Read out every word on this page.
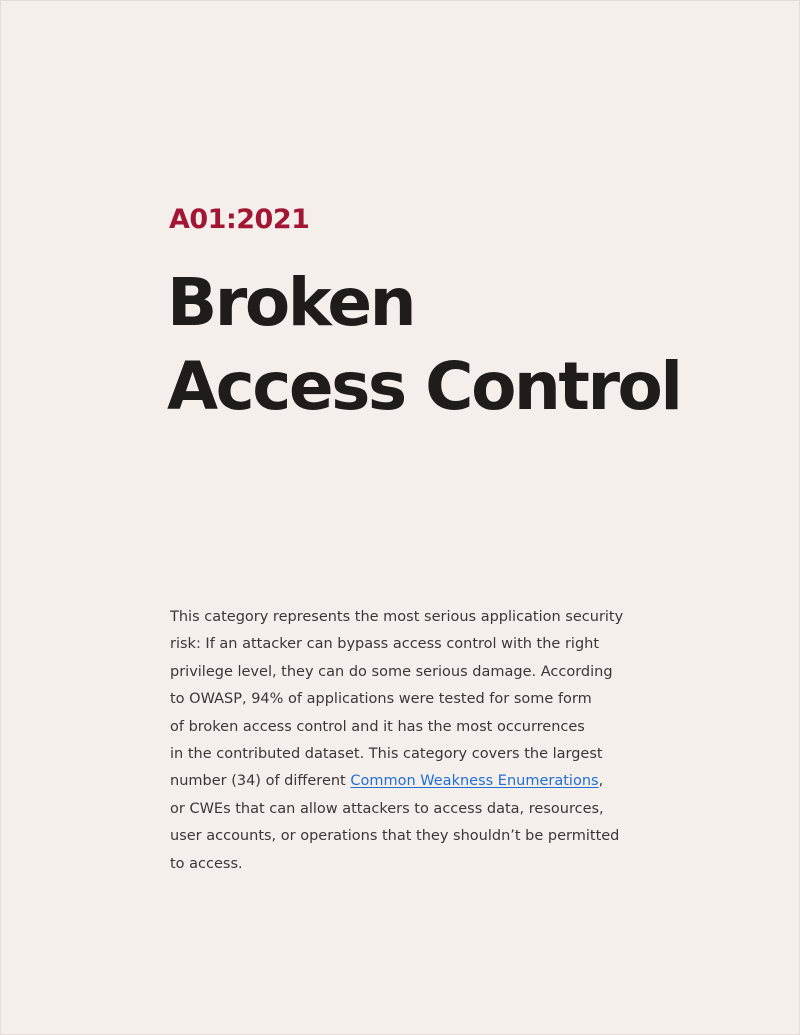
A01:2021
Broken
Access Control

This category represents the most serious application security
risk: If an attacker can bypass access control with the right
privilege level, they can do some serious damage. According
to OWASP, 94% of applications were tested for some form
of broken access control and it has the most occurrences
in the contributed dataset. This category covers the largest
number (34) of different Common Weakness Enumerations,
or CWEs that can allow attackers to access data, resources,
user accounts, or operations that they shouldn’t be permitted
to access.
